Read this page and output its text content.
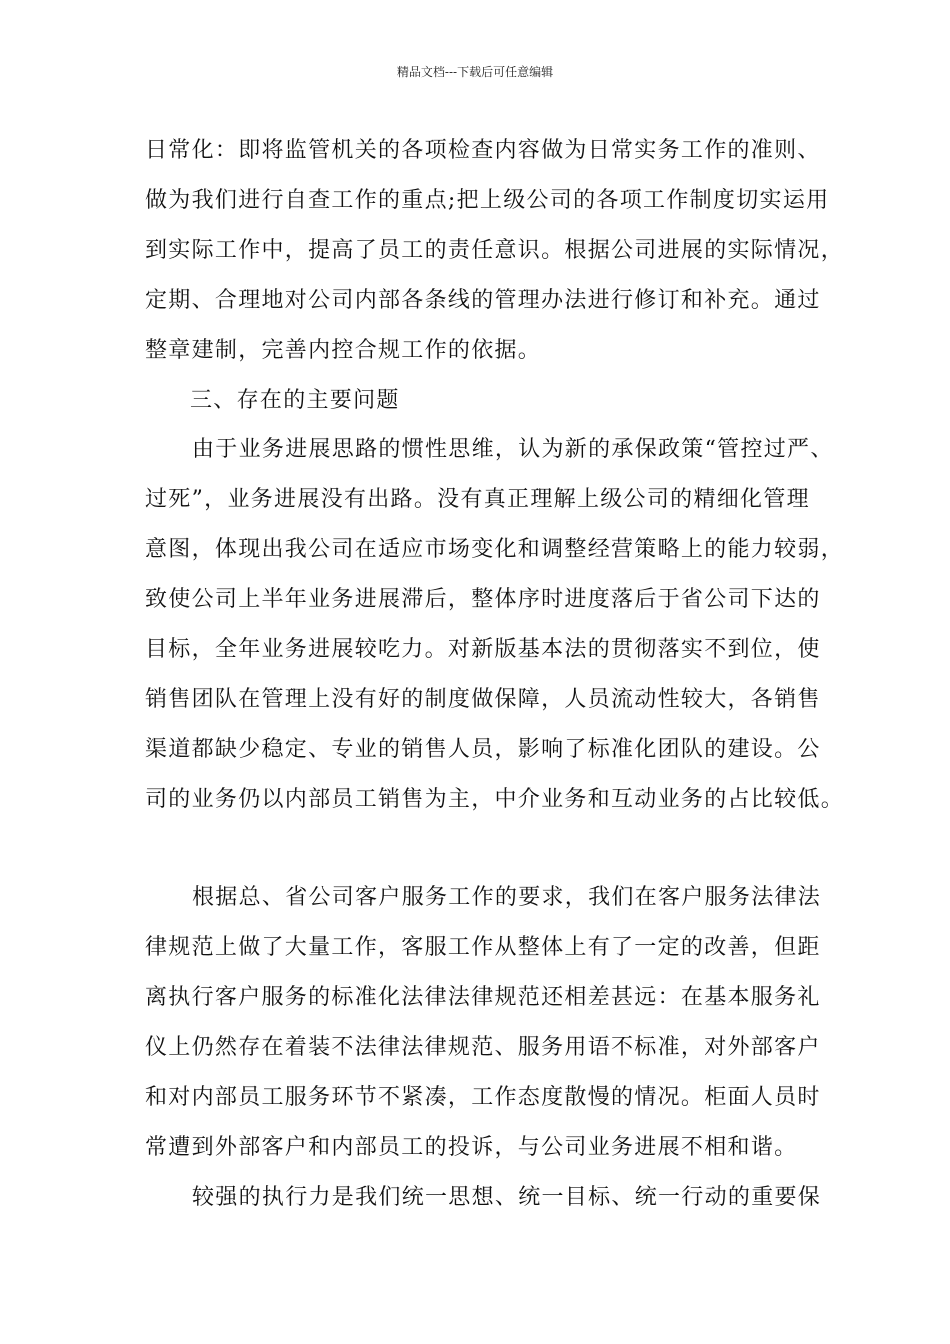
精品文档---下载后可任意编辑
日常化：即将监管机关的各项检查内容做为日常实务工作的准则、
做为我们进行自查工作的重点;把上级公司的各项工作制度切实运用
到实际工作中，提高了员工的责任意识。根据公司进展的实际情况，
定期、合理地对公司内部各条线的管理办法进行修订和补充。通过
整章建制，完善内控合规工作的依据。
三、存在的主要问题
由于业务进展思路的惯性思维，认为新的承保政策“管控过严、
过死”，业务进展没有出路。没有真正理解上级公司的精细化管理
意图，体现出我公司在适应市场变化和调整经营策略上的能力较弱，
致使公司上半年业务进展滞后，整体序时进度落后于省公司下达的
目标，全年业务进展较吃力。对新版基本法的贯彻落实不到位，使
销售团队在管理上没有好的制度做保障，人员流动性较大，各销售
渠道都缺少稳定、专业的销售人员，影响了标准化团队的建设。公
司的业务仍以内部员工销售为主，中介业务和互动业务的占比较低。
根据总、省公司客户服务工作的要求，我们在客户服务法律法
律规范上做了大量工作，客服工作从整体上有了一定的改善，但距
离执行客户服务的标准化法律法律规范还相差甚远：在基本服务礼
仪上仍然存在着装不法律法律规范、服务用语不标准，对外部客户
和对内部员工服务环节不紧凑，工作态度散慢的情况。柜面人员时
常遭到外部客户和内部员工的投诉，与公司业务进展不相和谐。
较强的执行力是我们统一思想、统一目标、统一行动的重要保
